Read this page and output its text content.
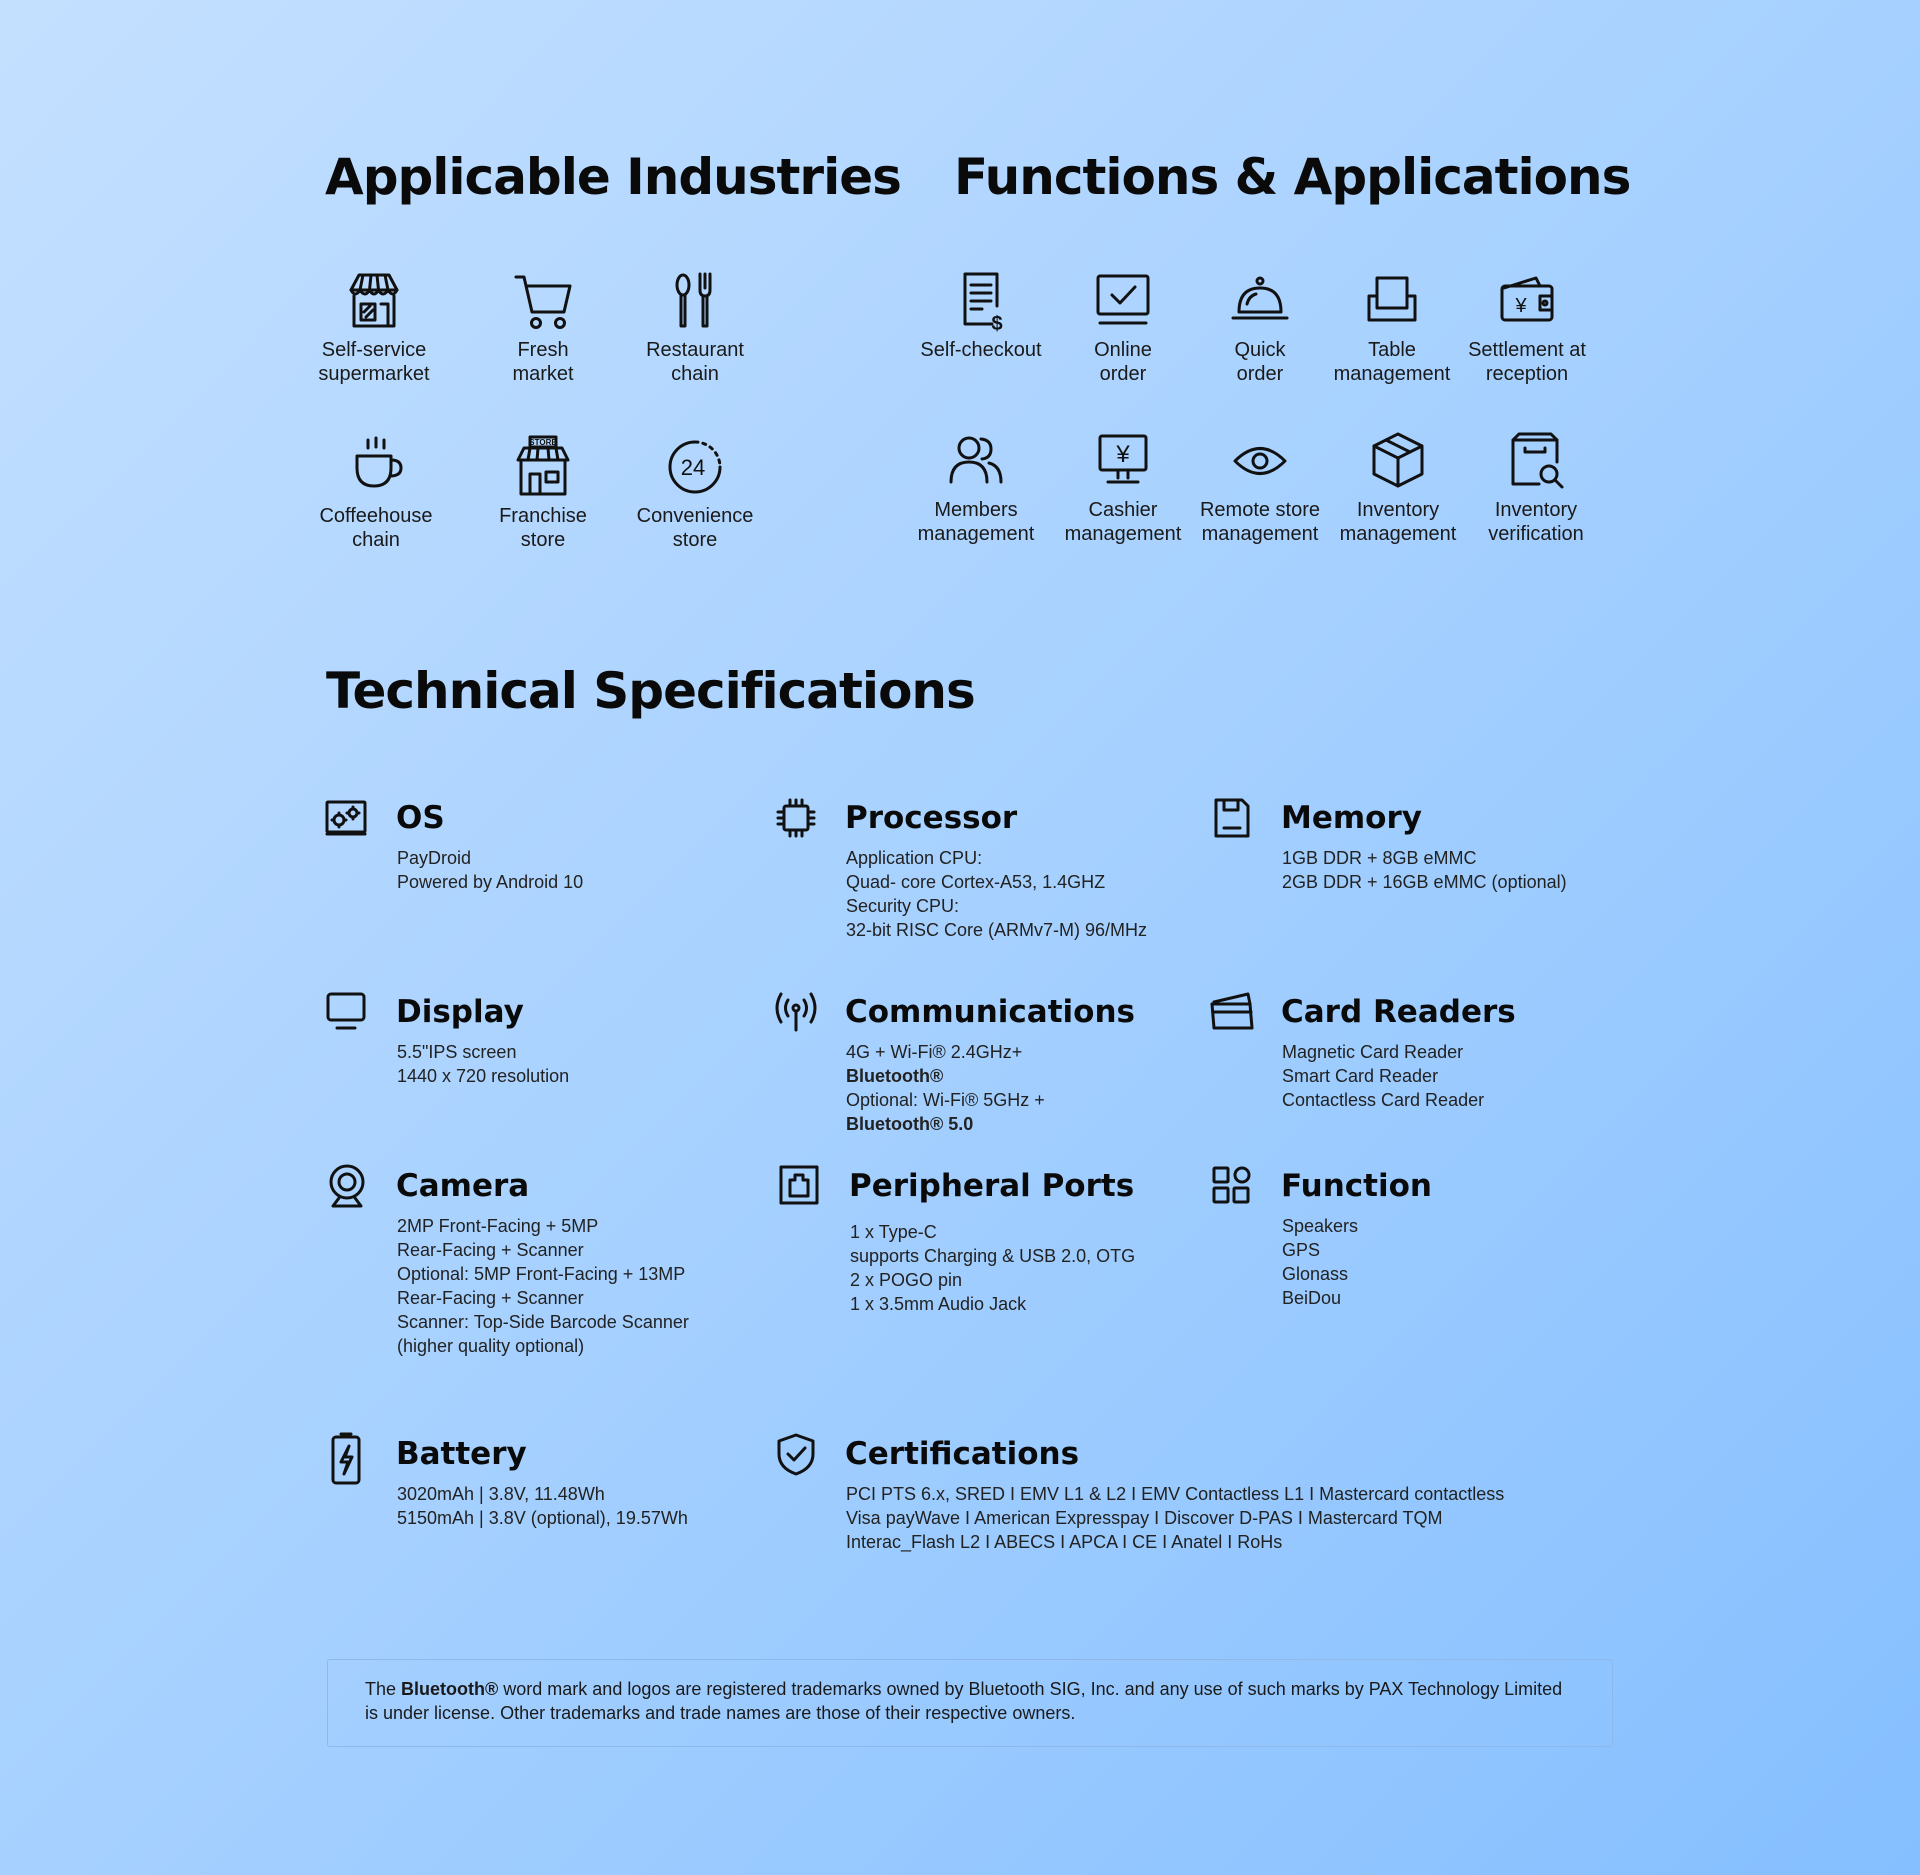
Applicable Industries
Self-service
supermarket
Fresh
market
Restaurant
chain
Coffeehouse
chain
STORE
Franchise
store
24
Convenience
store
Functions & Applications
$
Self-checkout	Online
order
Quick
order
Table
management
¥
Settlement at
reception
Members
management
¥
Cashier
management
Remote store
management
Inventory
management
Inventory
verification
Technical Specifications
OS
PayDroid
Powered by Android 10
Processor
Application CPU:
Quad- core Cortex-A53, 1.4GHZ
Security CPU:
32-bit RISC Core (ARMv7-M) 96/MHz
Memory
1GB DDR + 8GB eMMC
2GB DDR + 16GB eMMC (optional)
Display
5.5"IPS screen
1440 x 720 resolution
Communications
4G + Wi-Fi® 2.4GHz+
Bluetooth®
Optional: Wi-Fi® 5GHz +
Bluetooth® 5.0
Card Readers
Magnetic Card Reader
Smart Card Reader
Contactless Card Reader
Camera
2MP Front-Facing + 5MP
Rear-Facing + Scanner
Optional: 5MP Front-Facing + 13MP
Rear-Facing + Scanner
Scanner: Top-Side Barcode Scanner
(higher quality optional)
Peripheral Ports
1 x Type-C
supports Charging & USB 2.0, OTG
2 x POGO pin
1 x 3.5mm Audio Jack
Function
Speakers
GPS
Glonass
BeiDou
Battery
3020mAh | 3.8V, 11.48Wh
5150mAh | 3.8V (optional), 19.57Wh
Certifications
PCI PTS 6.x, SRED I EMV L1 & L2 I EMV Contactless L1 I Mastercard contactless
Visa payWave I American Expresspay I Discover D-PAS I Mastercard TQM
Interac_Flash L2 I ABECS I APCA I CE I Anatel I RoHs
The Bluetooth® word mark and logos are registered trademarks owned by Bluetooth SIG, Inc. and any use of such marks by PAX Technology Limited is under license. Other trademarks and trade names are those of their respective owners.
